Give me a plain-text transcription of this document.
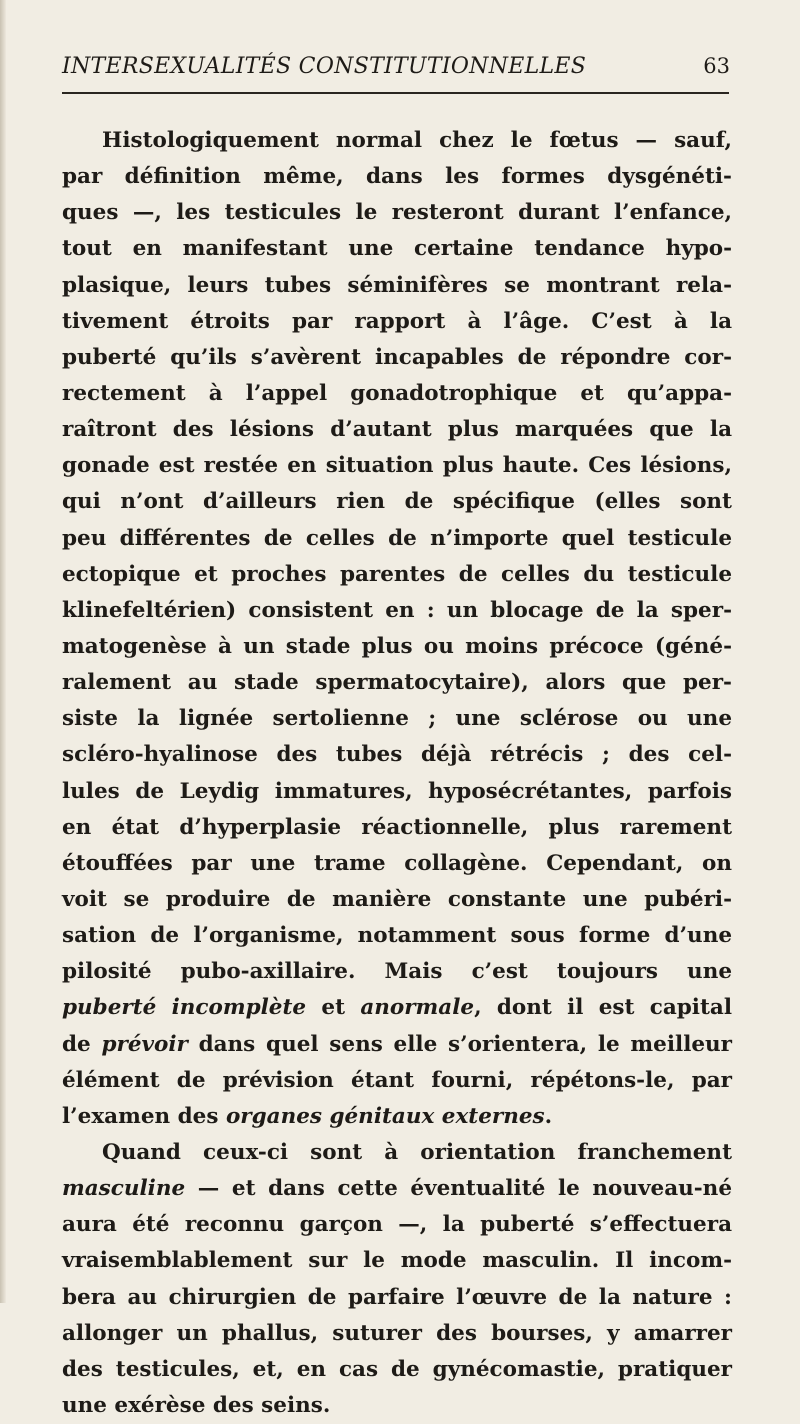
INTERSEXUALITÉS CONSTITUTIONNELLES	63
Histologiquement normal chez le fœtus — sauf,
par définition même, dans les formes dysgénéti-
ques —, les testicules le resteront durant l’enfance,
tout en manifestant une certaine tendance hypo-
plasique, leurs tubes séminifères se montrant rela-
tivement étroits par rapport à l’âge. C’est à la
puberté qu’ils s’avèrent incapables de répondre cor-
rectement à l’appel gonadotrophique et qu’appa-
raîtront des lésions d’autant plus marquées que la
gonade est restée en situation plus haute. Ces lésions,
qui n’ont d’ailleurs rien de spécifique (elles sont
peu différentes de celles de n’importe quel testicule
ectopique et proches parentes de celles du testicule
klinefeltérien) consistent en : un blocage de la sper-
matogenèse à un stade plus ou moins précoce (géné-
ralement au stade spermatocytaire), alors que per-
siste la lignée sertolienne ; une sclérose ou une
scléro-hyalinose des tubes déjà rétrécis ; des cel-
lules de Leydig immatures, hyposécrétantes, parfois
en état d’hyperplasie réactionnelle, plus rarement
étouffées par une trame collagène. Cependant, on
voit se produire de manière constante une pubéri-
sation de l’organisme, notamment sous forme d’une
pilosité pubo-axillaire. Mais c’est toujours une
puberté incomplète et anormale, dont il est capital
de prévoir dans quel sens elle s’orientera, le meilleur
élément de prévision étant fourni, répétons-le, par
l’examen des organes génitaux externes.
Quand ceux-ci sont à orientation franchement
masculine — et dans cette éventualité le nouveau-né
aura été reconnu garçon —, la puberté s’effectuera
vraisemblablement sur le mode masculin. Il incom-
bera au chirurgien de parfaire l’œuvre de la nature :
allonger un phallus, suturer des bourses, y amarrer
des testicules, et, en cas de gynécomastie, pratiquer
une exérèse des seins.
